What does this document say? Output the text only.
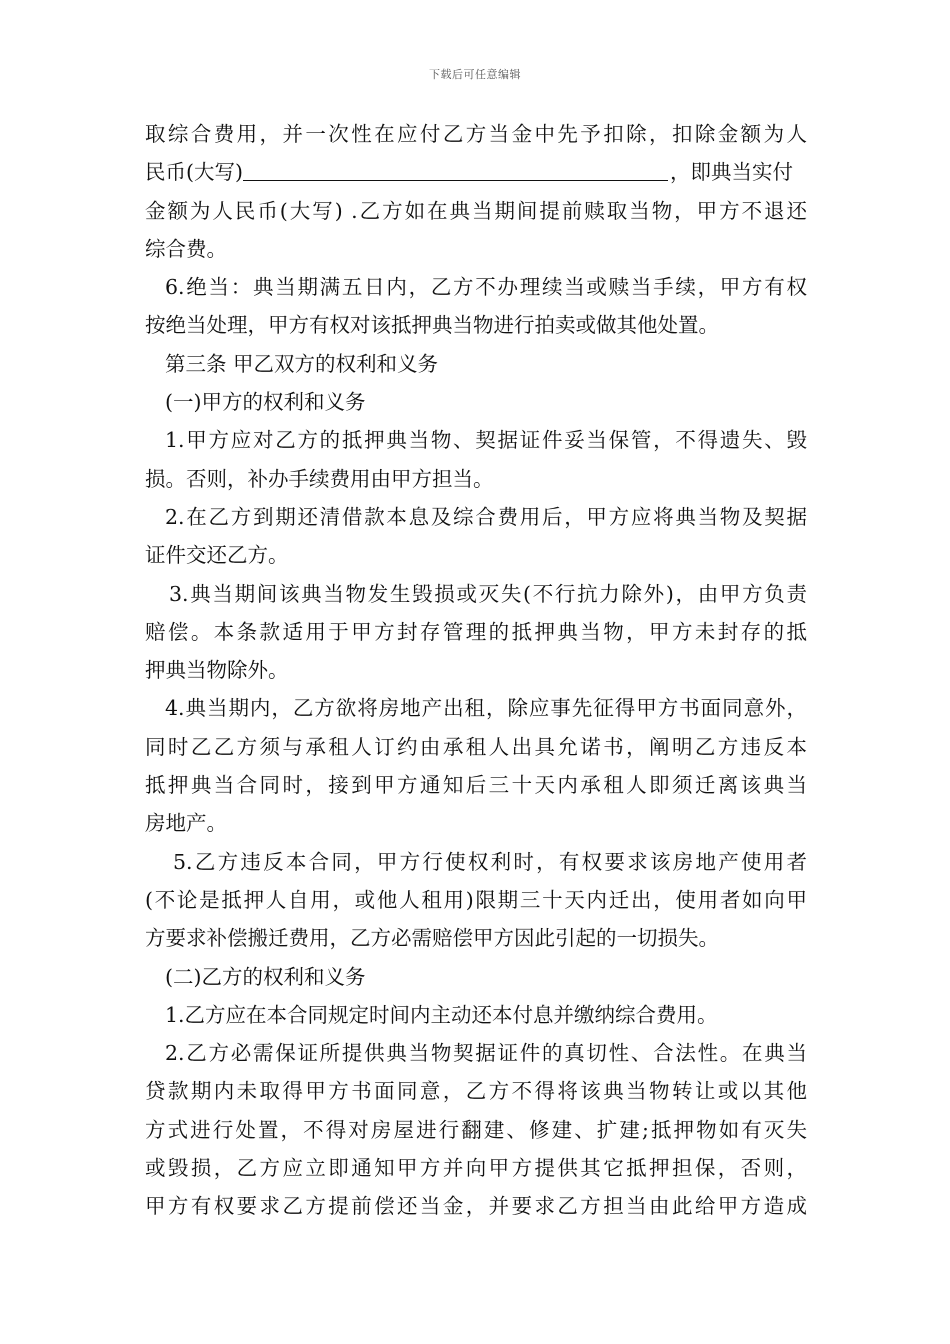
下载后可任意编辑
取综合费用，并一次性在应付乙方当金中先予扣除，扣除金额为人
民币(大写)	，即典当实付
金额为人民币(大写) .乙方如在典当期间提前赎取当物，甲方不退还
综合费。
6.绝当：典当期满五日内，乙方不办理续当或赎当手续，甲方有权
按绝当处理，甲方有权对该抵押典当物进行拍卖或做其他处置。
第三条 甲乙双方的权利和义务
(一)甲方的权利和义务
1.甲方应对乙方的抵押典当物、契据证件妥当保管，不得遗失、毁
损。否则，补办手续费用由甲方担当。
2.在乙方到期还清借款本息及综合费用后，甲方应将典当物及契据
证件交还乙方。
3.典当期间该典当物发生毁损或灭失(不行抗力除外)，由甲方负责
赔偿。本条款适用于甲方封存管理的抵押典当物，甲方未封存的抵
押典当物除外。
4.典当期内，乙方欲将房地产出租，除应事先征得甲方书面同意外，
同时乙乙方须与承租人订约由承租人出具允诺书，阐明乙方违反本
抵押典当合同时，接到甲方通知后三十天内承租人即须迁离该典当
房地产。
5.乙方违反本合同，甲方行使权利时，有权要求该房地产使用者
(不论是抵押人自用，或他人租用)限期三十天内迁出，使用者如向甲
方要求补偿搬迁费用，乙方必需赔偿甲方因此引起的一切损失。
(二)乙方的权利和义务
1.乙方应在本合同规定时间内主动还本付息并缴纳综合费用。
2.乙方必需保证所提供典当物契据证件的真切性、合法性。在典当
贷款期内未取得甲方书面同意，乙方不得将该典当物转让或以其他
方式进行处置，不得对房屋进行翻建、修建、扩建;抵押物如有灭失
或毁损，乙方应立即通知甲方并向甲方提供其它抵押担保，否则，
甲方有权要求乙方提前偿还当金，并要求乙方担当由此给甲方造成
